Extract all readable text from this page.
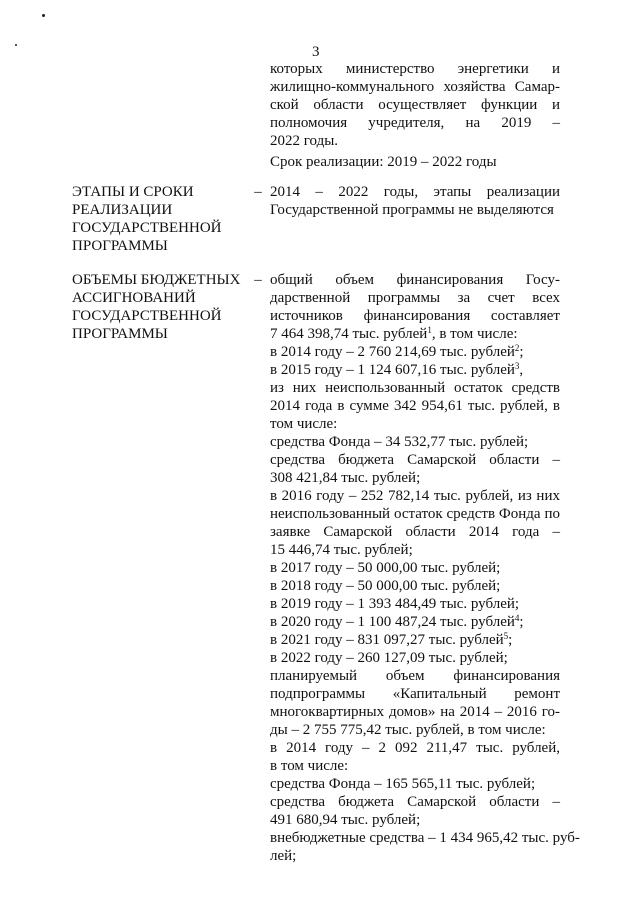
3
которых министерство энергетики и
жилищно-коммунального хозяйства Самар-
ской области осуществляет функции и
полномочия учредителя, на 2019 –
2022 годы.
Срок реализации: 2019 – 2022 годы
ЭТАПЫ И СРОКИ
РЕАЛИЗАЦИИ
ГОСУДАРСТВЕННОЙ
ПРОГРАММЫ
– 2014 – 2022 годы, этапы реализации
Государственной программы не выделяются
ОБЪЕМЫ БЮДЖЕТНЫХ
АССИГНОВАНИЙ
ГОСУДАРСТВЕННОЙ
ПРОГРАММЫ
– общий объем финансирования Госу-
дарственной программы за счет всех
источников финансирования составляет
7 464 398,74 тыс. рублей$^1$, в том числе:
в 2014 году – 2 760 214,69 тыс. рублей$^2$;
в 2015 году – 1 124 607,16 тыс. рублей$^3$,
из них неиспользованный остаток средств
2014 года в сумме 342 954,61 тыс. рублей, в
том числе:
средства Фонда – 34 532,77 тыс. рублей;
средства бюджета Самарской области –
308 421,84 тыс. рублей;
в 2016 году – 252 782,14 тыс. рублей, из них
неиспользованный остаток средств Фонда по
заявке Самарской области 2014 года –
15 446,74 тыс. рублей;
в 2017 году – 50 000,00 тыс. рублей;
в 2018 году – 50 000,00 тыс. рублей;
в 2019 году – 1 393 484,49 тыс. рублей;
в 2020 году – 1 100 487,24 тыс. рублей$^4$;
в 2021 году – 831 097,27 тыс. рублей$^5$;
в 2022 году – 260 127,09 тыс. рублей;
планируемый объем финансирования
подпрограммы «Капитальный ремонт
многоквартирных домов» на 2014 – 2016 го-
ды – 2 755 775,42 тыс. рублей, в том числе:
в 2014 году – 2 092 211,47 тыс. рублей,
в том числе:
средства Фонда – 165 565,11 тыс. рублей;
средства бюджета Самарской области –
491 680,94 тыс. рублей;
внебюджетные средства – 1 434 965,42 тыс. руб-
лей;
